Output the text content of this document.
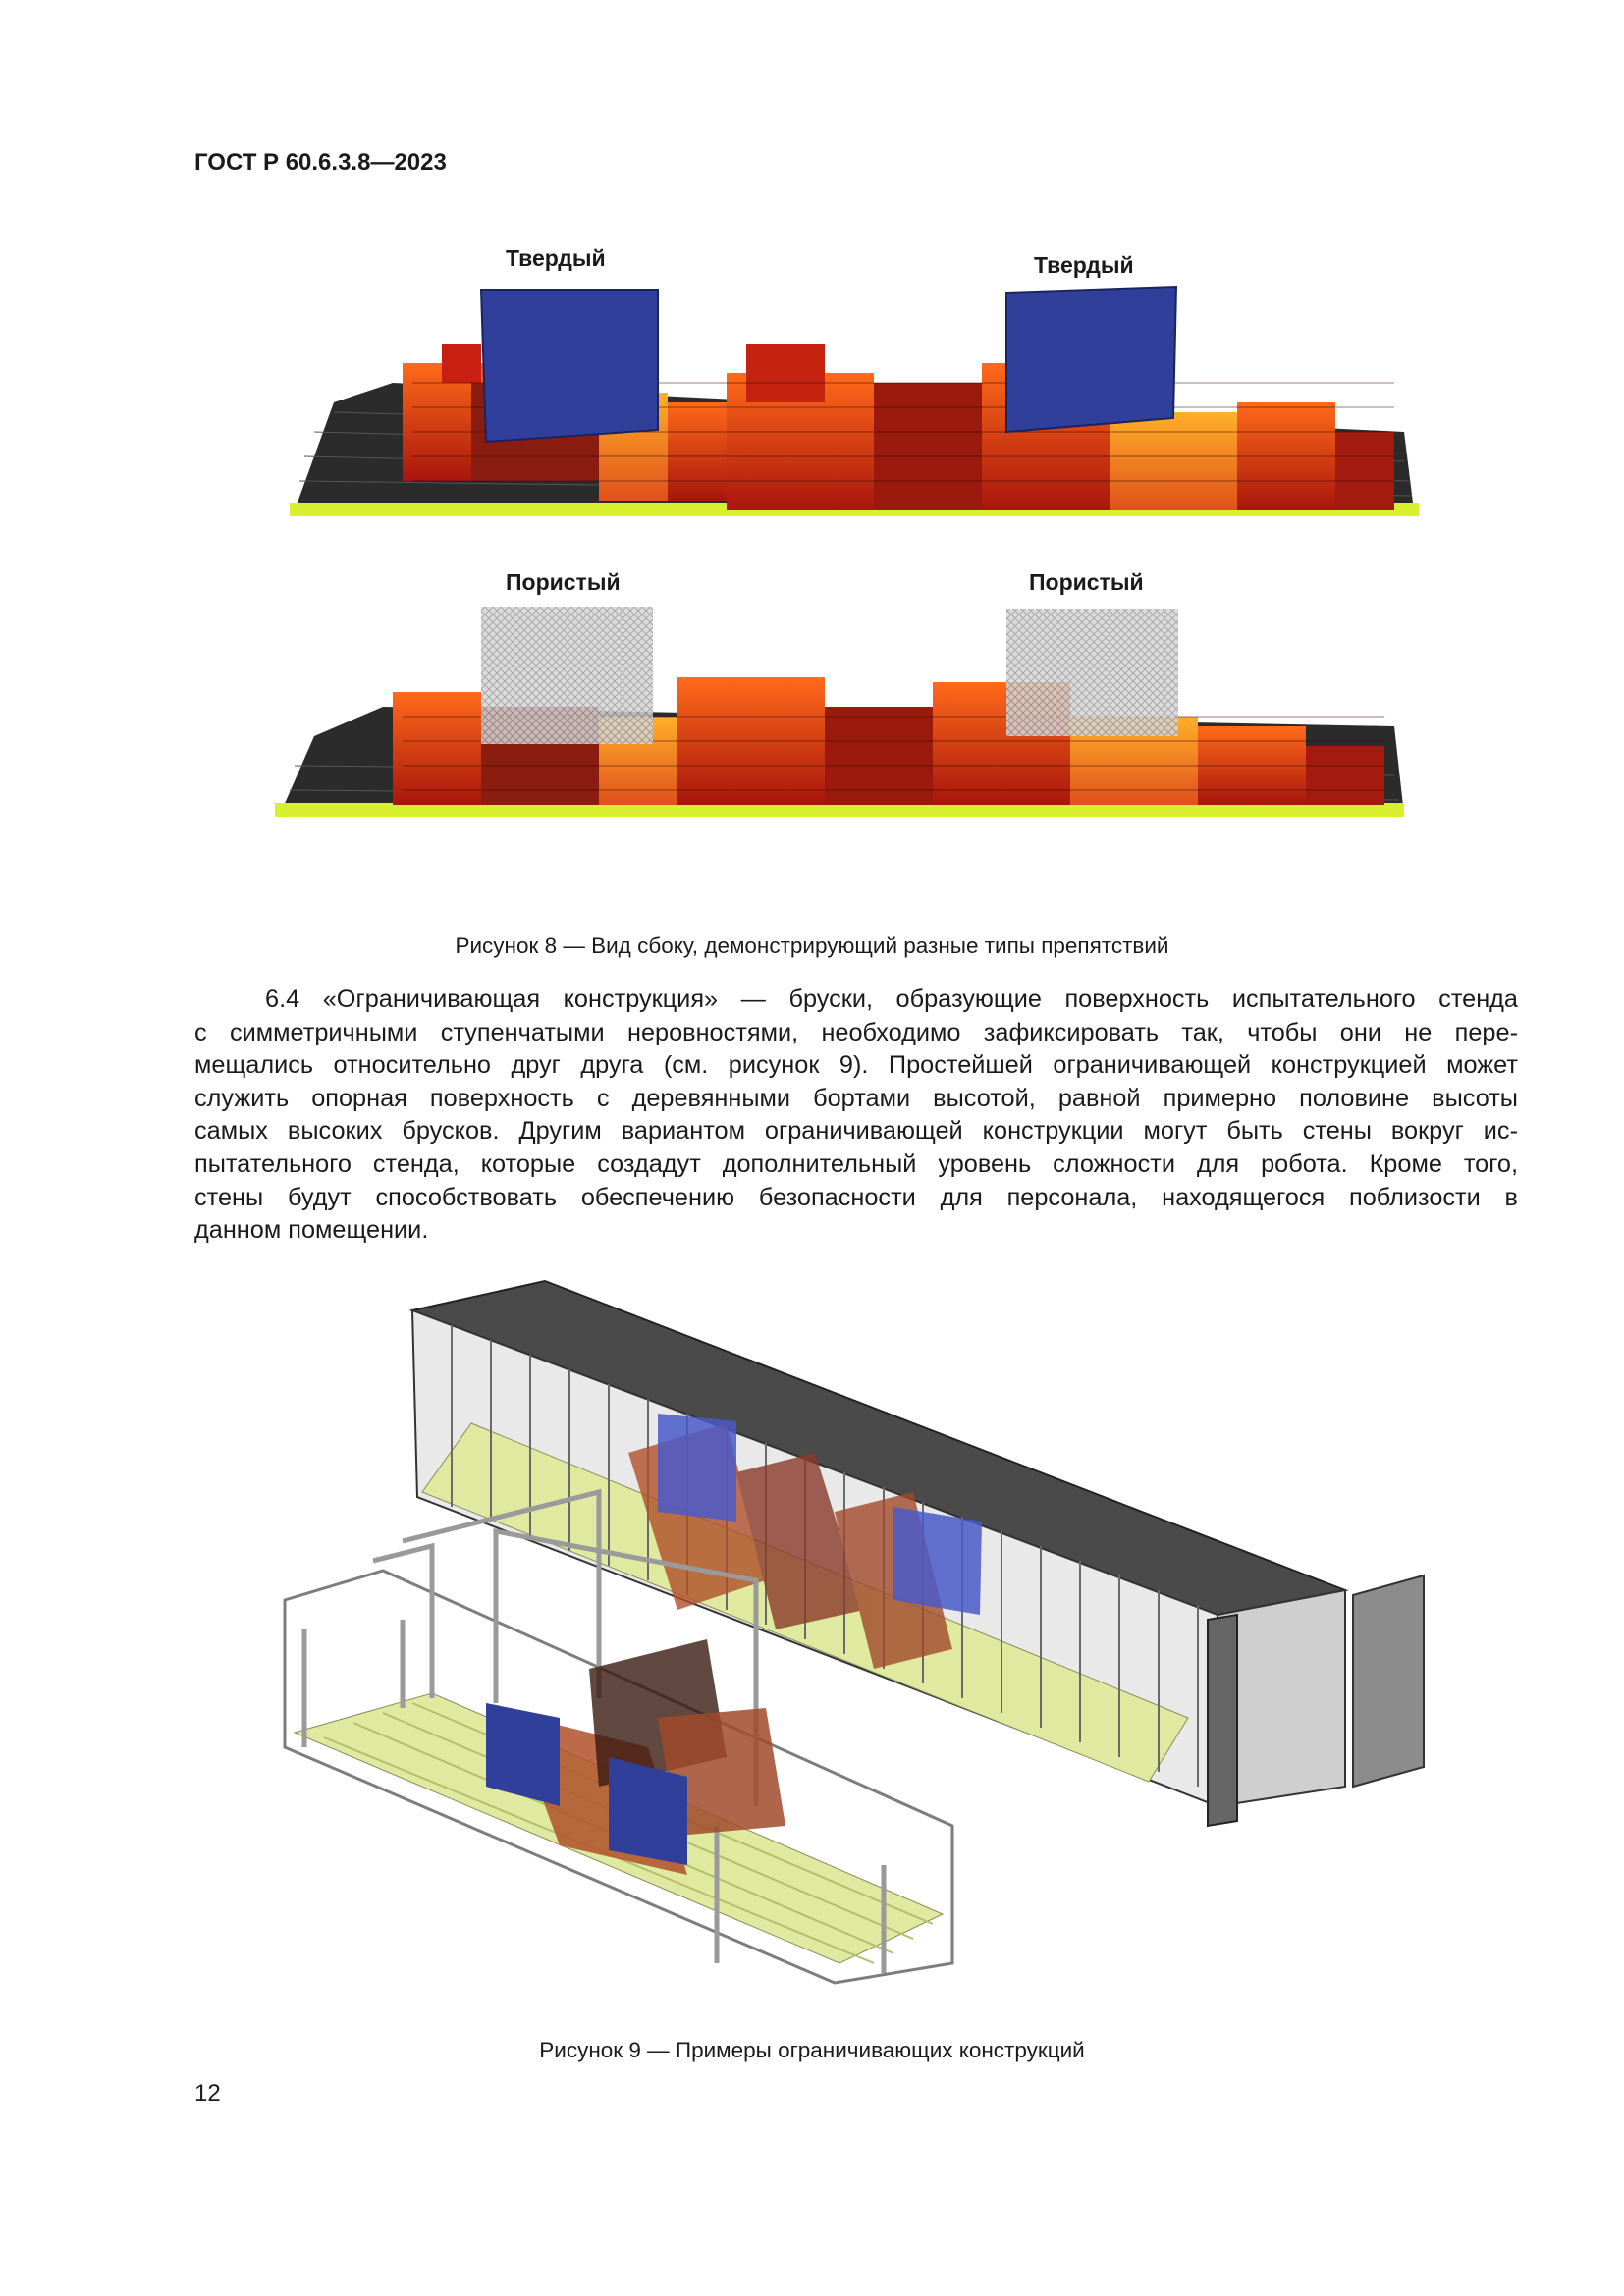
ГОСТ Р 60.6.3.8—2023
Твердый	Твердый
Пористый	Пористый
Рисунок 8 — Вид сбоку, демонстрирующий разные типы препятствий
6.4 «Ограничивающая конструкция» — бруски, образующие поверхность испытательного стенда
с симметричными ступенчатыми неровностями, необходимо зафиксировать так, чтобы они не пере-
мещались относительно друг друга (см. рисунок 9). Простейшей ограничивающей конструкцией может
служить опорная поверхность с деревянными бортами высотой, равной примерно половине высоты
самых высоких брусков. Другим вариантом ограничивающей конструкции могут быть стены вокруг ис-
пытательного стенда, которые создадут дополнительный уровень сложности для робота. Кроме того,
стены будут способствовать обеспечению безопасности для персонала, находящегося поблизости в
данном помещении.
Рисунок 9 — Примеры ограничивающих конструкций
12
